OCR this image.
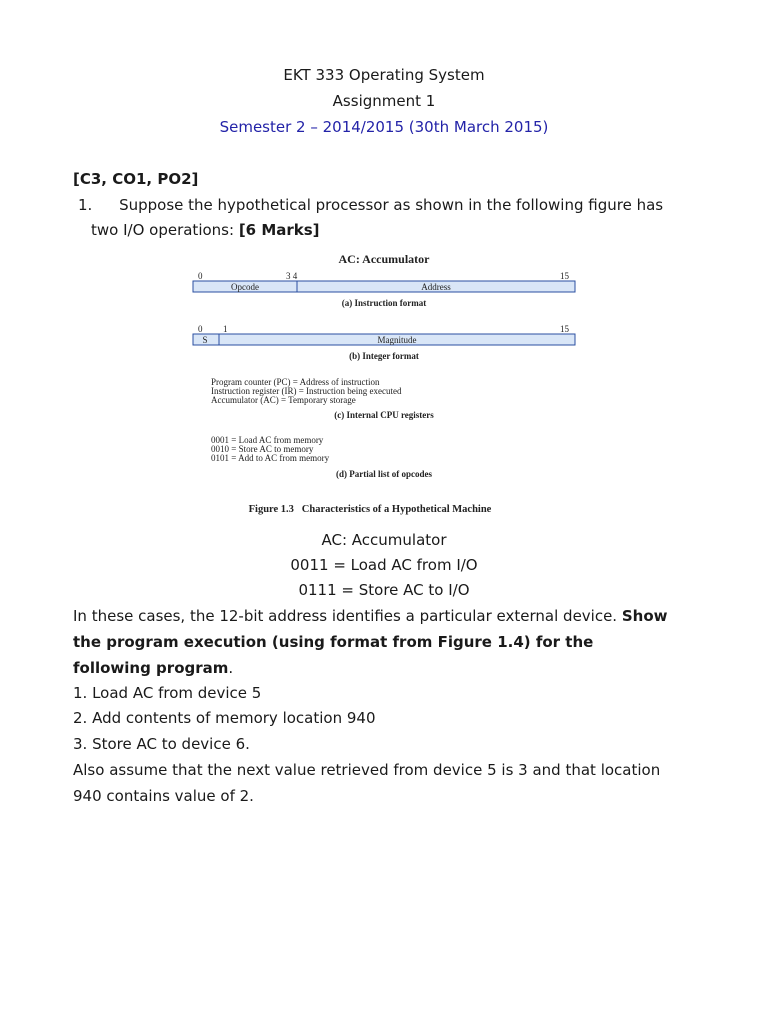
EKT 333 Operating System
Assignment 1
Semester 2 – 2014/2015 (30th March 2015)
[C3, CO1, PO2]
1. Suppose the hypothetical processor as shown in the following figure has
two I/O operations: [6 Marks]
AC: Accumulator
0	3 4	15
Opcode	Address
(a) Instruction format
0 1	15
S	Magnitude
(b) Integer format
Program counter (PC) = Address of instruction
Instruction register (IR) = Instruction being executed
Accumulator (AC) = Temporary storage
(c) Internal CPU registers
0001 = Load AC from memory
0010 = Store AC to memory
0101 = Add to AC from memory
(d) Partial list of opcodes
Figure 1.3   Characteristics of a Hypothetical Machine
AC: Accumulator
0011 = Load AC from I/O
0111 = Store AC to I/O
In these cases, the 12-bit address identifies a particular external device. Show
the program execution (using format from Figure 1.4) for the
following program.
1. Load AC from device 5
2. Add contents of memory location 940
3. Store AC to device 6.
Also assume that the next value retrieved from device 5 is 3 and that location
940 contains value of 2.
